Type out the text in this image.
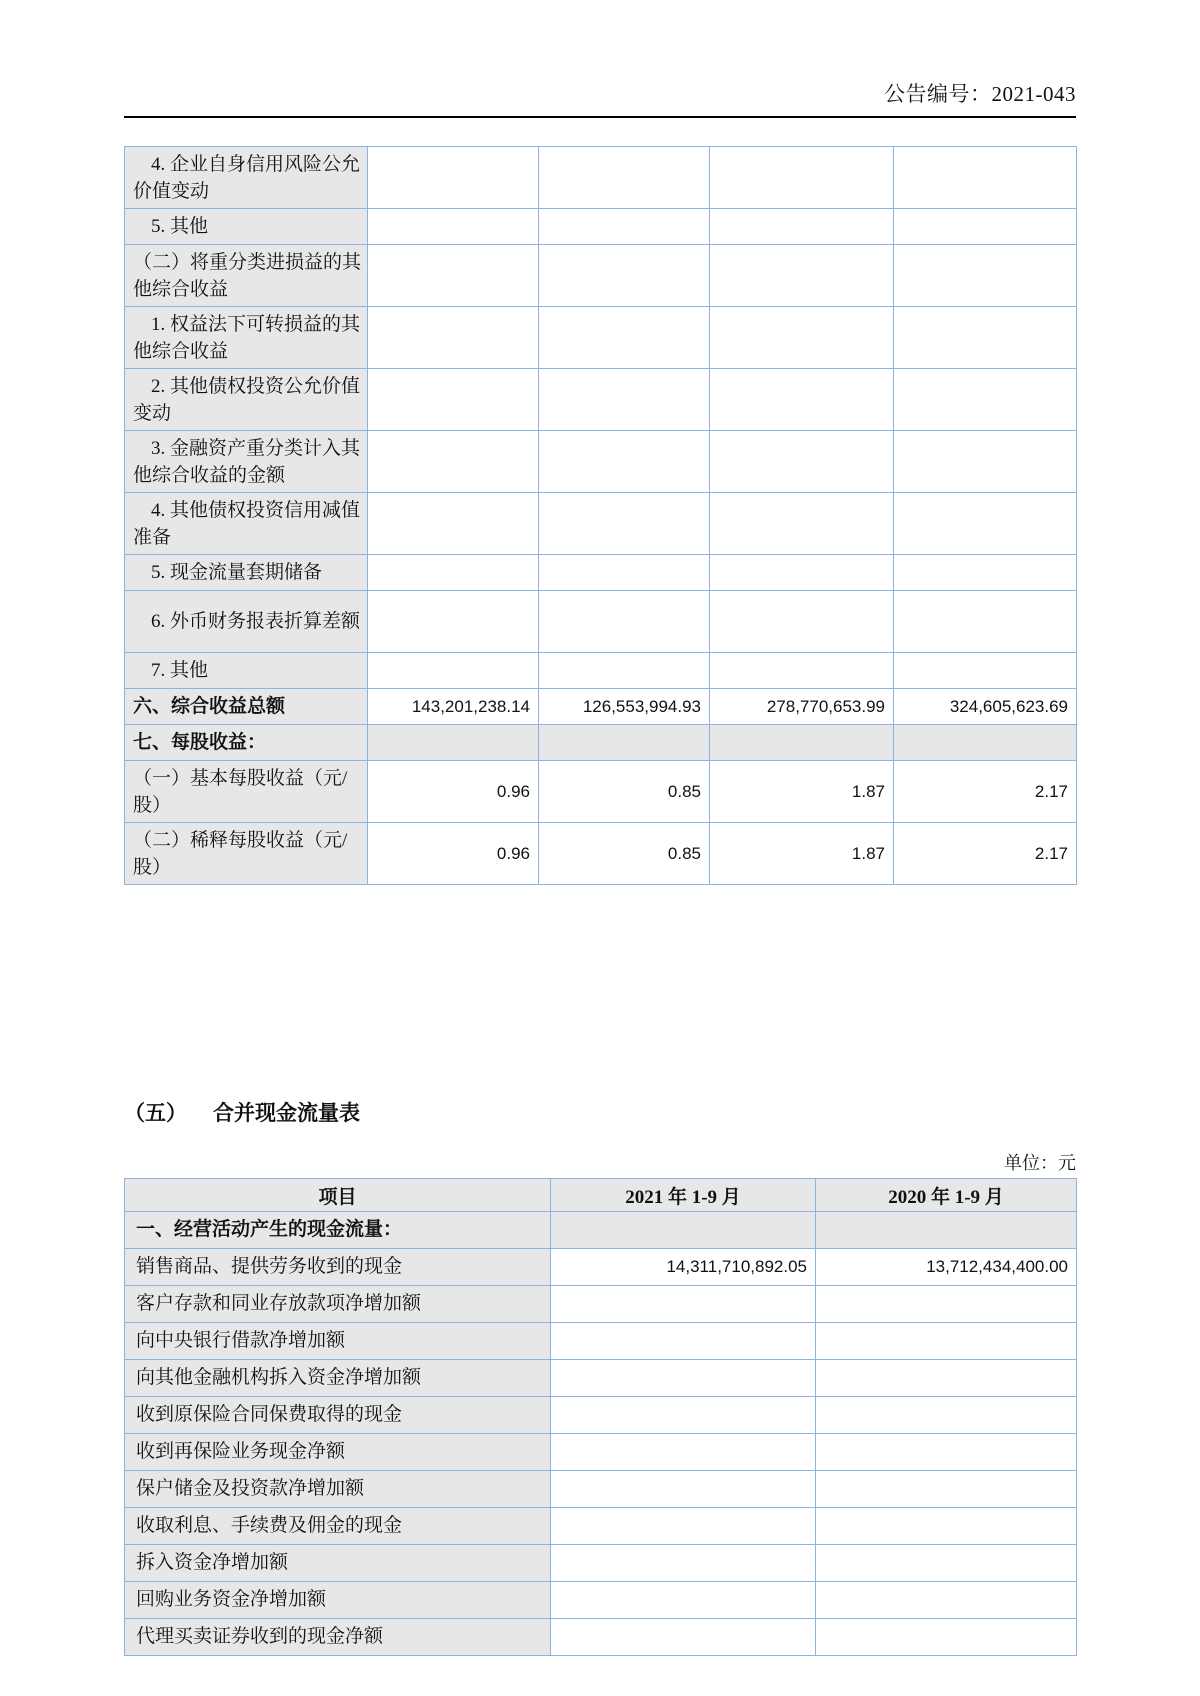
公告编号：2021-043
4. 企业自身信用风险公允价值变动				
5. 其他				
（二）将重分类进损益的其他综合收益				
1. 权益法下可转损益的其他综合收益				
2. 其他债权投资公允价值变动				
3. 金融资产重分类计入其他综合收益的金额				
4. 其他债权投资信用减值准备				
5. 现金流量套期储备				
6. 外币财务报表折算差额				
7. 其他				
六、综合收益总额	143,201,238.14	126,553,994.93	278,770,653.99	324,605,623.69
七、每股收益：				
（一）基本每股收益（元/股）	0.96	0.85	1.87	2.17
（二）稀释每股收益（元/股）	0.96	0.85	1.87	2.17
（五） 合并现金流量表
单位：元
项目	2021 年 1-9 月	2020 年 1-9 月
一、经营活动产生的现金流量：		
销售商品、提供劳务收到的现金	14,311,710,892.05	13,712,434,400.00
客户存款和同业存放款项净增加额		
向中央银行借款净增加额		
向其他金融机构拆入资金净增加额		
收到原保险合同保费取得的现金		
收到再保险业务现金净额		
保户储金及投资款净增加额		
收取利息、手续费及佣金的现金		
拆入资金净增加额		
回购业务资金净增加额		
代理买卖证券收到的现金净额		
